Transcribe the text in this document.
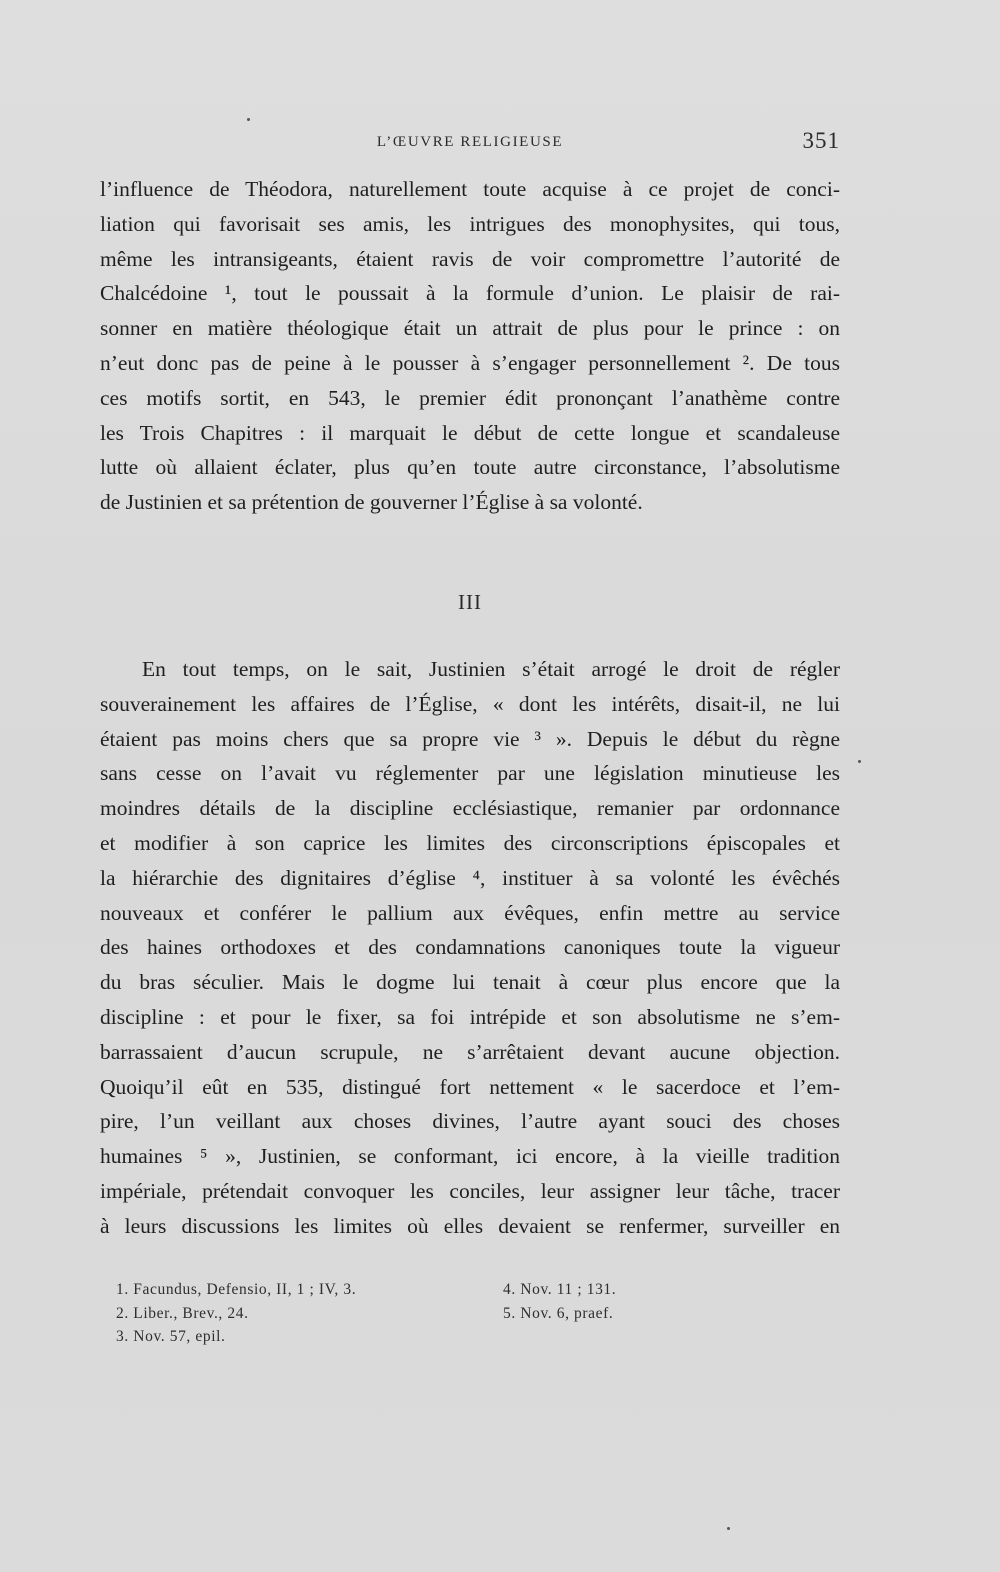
L’ŒUVRE RELIGIEUSE	351
l’influence de Théodora, naturellement toute acquise à ce projet de conci-
liation qui favorisait ses amis, les intrigues des monophysites, qui tous,
même les intransigeants, étaient ravis de voir compromettre l’autorité de
Chalcédoine ¹, tout le poussait à la formule d’union. Le plaisir de rai-
sonner en matière théologique était un attrait de plus pour le prince : on
n’eut donc pas de peine à le pousser à s’engager personnellement ². De tous
ces motifs sortit, en 543, le premier édit prononçant l’anathème contre
les Trois Chapitres : il marquait le début de cette longue et scandaleuse
lutte où allaient éclater, plus qu’en toute autre circonstance, l’absolutisme
de Justinien et sa prétention de gouverner l’Église à sa volonté.
III
En tout temps, on le sait, Justinien s’était arrogé le droit de régler
souverainement les affaires de l’Église, « dont les intérêts, disait-il, ne lui
étaient pas moins chers que sa propre vie ³ ». Depuis le début du règne
sans cesse on l’avait vu réglementer par une législation minutieuse les
moindres détails de la discipline ecclésiastique, remanier par ordonnance
et modifier à son caprice les limites des circonscriptions épiscopales et
la hiérarchie des dignitaires d’église ⁴, instituer à sa volonté les évêchés
nouveaux et conférer le pallium aux évêques, enfin mettre au service
des haines orthodoxes et des condamnations canoniques toute la vigueur
du bras séculier. Mais le dogme lui tenait à cœur plus encore que la
discipline : et pour le fixer, sa foi intrépide et son absolutisme ne s’em-
barrassaient d’aucun scrupule, ne s’arrêtaient devant aucune objection.
Quoiqu’il eût en 535, distingué fort nettement « le sacerdoce et l’em-
pire, l’un veillant aux choses divines, l’autre ayant souci des choses
humaines ⁵ », Justinien, se conformant, ici encore, à la vieille tradition
impériale, prétendait convoquer les conciles, leur assigner leur tâche, tracer
à leurs discussions les limites où elles devaient se renfermer, surveiller en
1. Facundus, Defensio, II, 1 ; IV, 3.
2. Liber., Brev., 24.
3. Nov. 57, epil.
4. Nov. 11 ; 131.
5. Nov. 6, praef.
